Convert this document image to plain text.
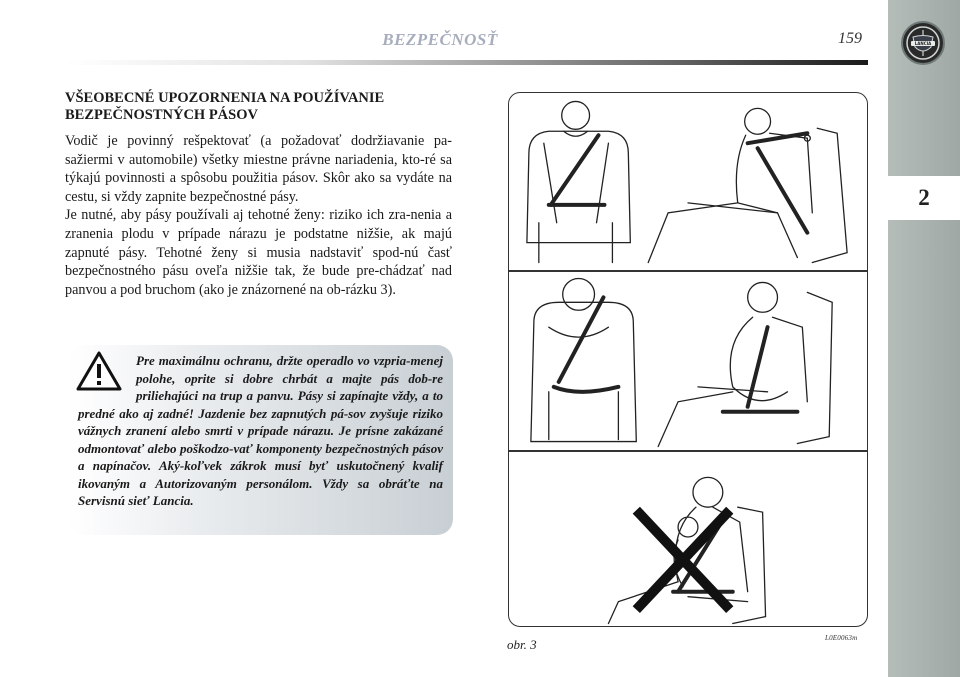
BEZPEČNOSŤ	159	LANCIA
2
VŠEOBECNÉ UPOZORNENIA NA POUŽÍVANIE
BEZPEČNOSTNÝCH PÁSOV

Vodič je povinný rešpektovať (a požadovať dodržiavanie pa-sažiermi v automobile) všetky miestne právne nariadenia, kto-ré sa týkajú povinnosti a spôsobu použitia pásov. Skôr ako sa vydáte na cestu, si vždy zapnite bezpečnostné pásy.

Je nutné, aby pásy používali aj tehotné ženy: riziko ich zra-nenia a zranenia plodu v prípade nárazu je podstatne nižšie, ak majú zapnuté pásy. Tehotné ženy si musia nadstaviť spod-nú časť bezpečnostného pásu oveľa nižšie tak, že bude pre-chádzať nad panvou a pod bruchom (ako je znázornené na ob-rázku 3).

Pre maximálnu ochranu, držte operadlo vo vzpria-menej polohe, oprite si dobre chrbát a majte pás dob-re priliehajúci na trup a panvu. Pásy si zapínajte vždy, a to predné ako aj zadné! Jazdenie bez zapnutých pá-sov zvyšuje riziko vážnych zranení alebo smrti v prípade nárazu. Je prísne zakázané odmontovať alebo poškodzo-vať komponenty bezpečnostných pásov a napínačov. Aký-koľvek zákrok musí byť uskutočnený kvalif ikovaným a Autorizovaným personálom. Vždy sa obráťte na Servisnú sieť Lancia.
obr. 3	L0E0063m
